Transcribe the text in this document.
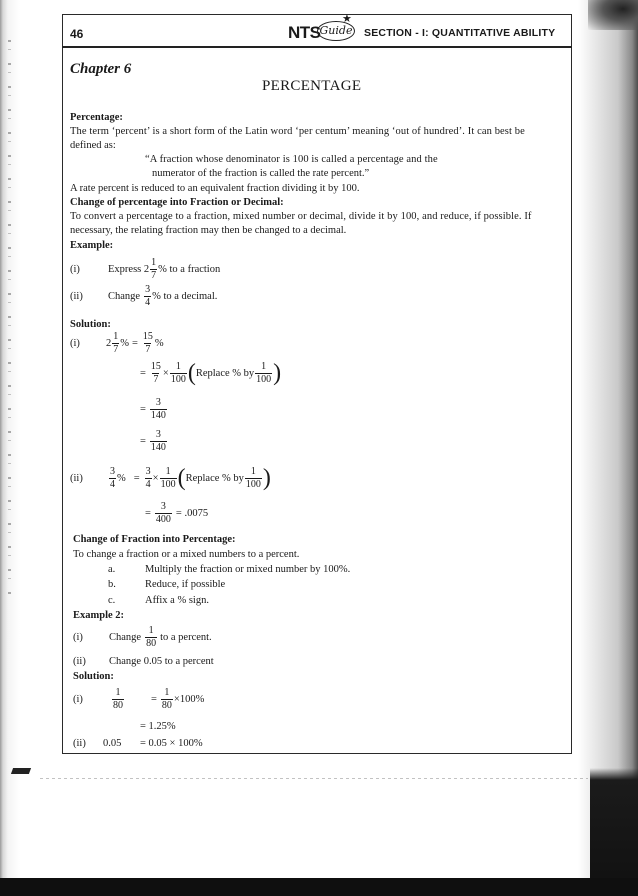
46	NTS Guide
★
SECTION - I: QUANTITATIVE ABILITY
Chapter 6
PERCENTAGE
Percentage:
The term ‘percent’ is a short form of the Latin word ‘per centum’ meaning ‘out of hundred’. It can best be
defined as:
“A fraction whose denominator is 100 is called a percentage and the
numerator of the fraction is called the rate percent.”
A rate percent is reduced to an equivalent fraction dividing it by 100.
Change of percentage into Fraction or Decimal:
To convert a percentage to a fraction, mixed number or decimal, divide it by 100, and reduce, if possible. If
necessary, the relating fraction may then be changed to a decimal.
Example:
(i)	Express 2
1
7
% to a fraction
(ii)	Change
3
4
% to a decimal.
Solution:
(i)	2
1
7
% = $\frac{15}{7}$ %
= $\frac{15}{7} \times \frac{1}{100}$ ( Replace % by
1
100 )
= $\frac{3}{140}$
= $\frac{3}{140}$
(ii)
3
4
% = $\frac{3}{4} \times \frac{1}{100}$ ( Replace % by
1
100 )
= $\frac{3}{400} = .0075$
Change of Fraction into Percentage:
To change a fraction or a mixed numbers to a percent.
a.	Multiply the fraction or mixed number by 100%.
b.	Reduce, if possible
c.	Affix a % sign.
Example 2:
(i)	Change
1
80
to a percent.
(ii) Change 0.05 to a percent
Solution:
(i)
1
80
= $\frac{1}{80} \times 100\%$
= 1.25%
(ii) 0.05 = 0.05 × 100%
